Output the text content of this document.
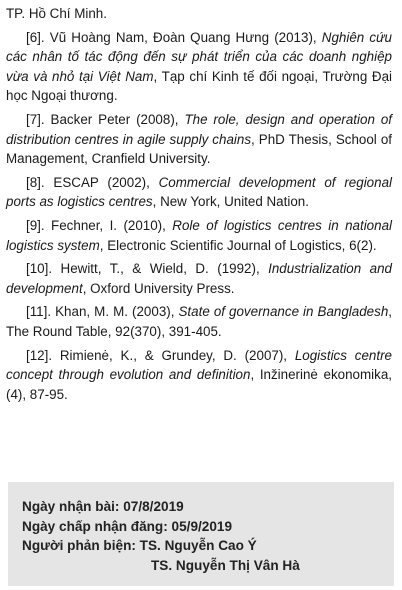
TP. Hồ Chí Minh.

[6]. Vũ Hoàng Nam, Đoàn Quang Hưng (2013), Nghiên cứu các nhân tố tác động đến sự phát triển của các doanh nghiệp vừa và nhỏ tại Việt Nam, Tạp chí Kinh tế đối ngoại, Trường Đại học Ngoại thương.

[7]. Backer Peter (2008), The role, design and operation of distribution centres in agile supply chains, PhD Thesis, School of Management, Cranfield University.

[8]. ESCAP (2002), Commercial development of regional ports as logistics centres, New York, United Nation.

[9]. Fechner, I. (2010), Role of logistics centres in national logistics system, Electronic Scientific Journal of Logistics, 6(2).

[10]. Hewitt, T., & Wield, D. (1992), Industrialization and development, Oxford University Press.

[11]. Khan, M. M. (2003), State of governance in Bangladesh, The Round Table, 92(370), 391-405.

[12]. Rimienė, K., & Grundey, D. (2007), Logistics centre concept through evolution and definition, Inžinerinė ekonomika, (4), 87-95.

Ngày nhận bài: 07/8/2019
Ngày chấp nhận đăng: 05/9/2019
Người phản biện: TS. Nguyễn Cao Ý
TS. Nguyễn Thị Vân Hà
